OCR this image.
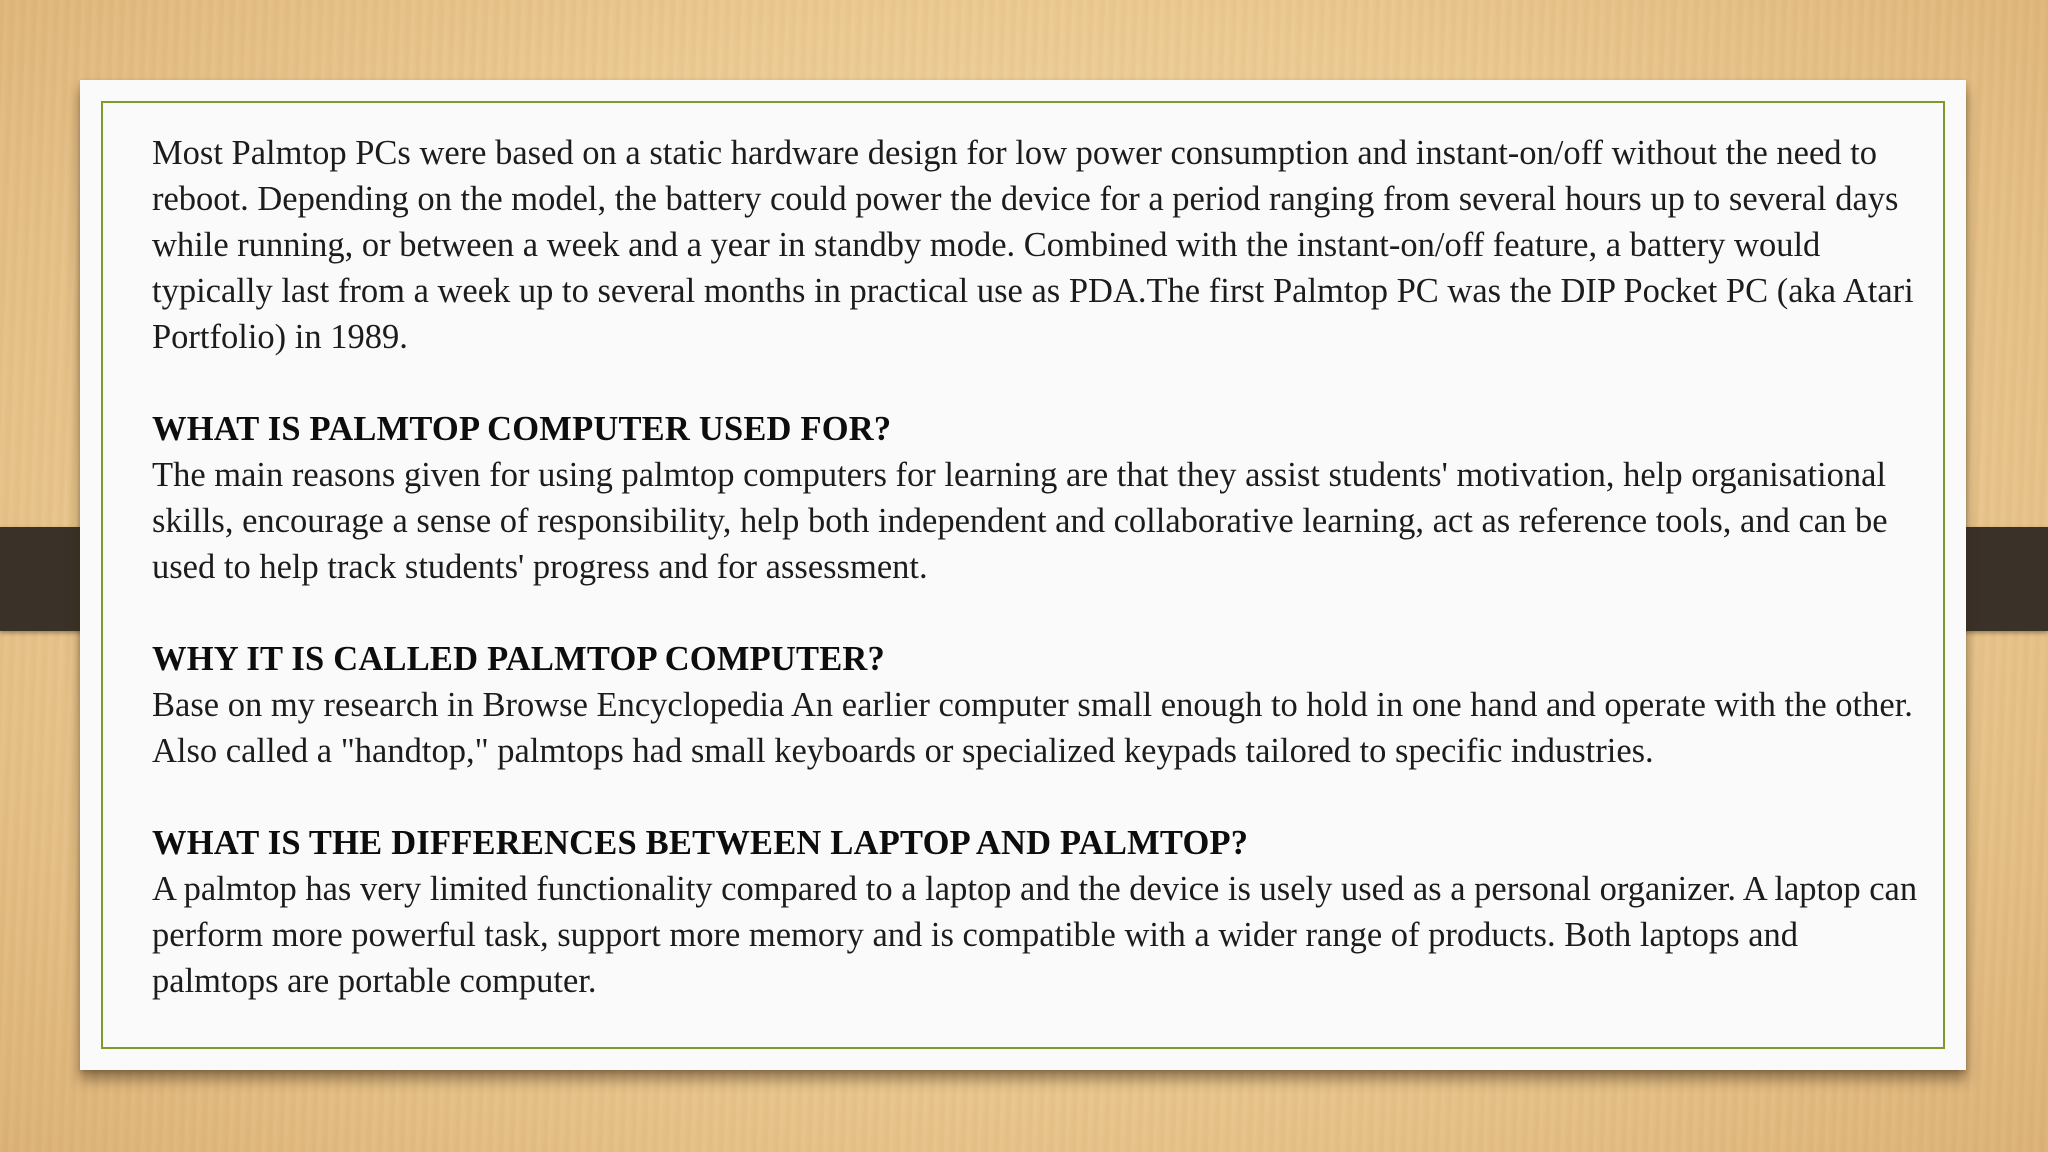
Most Palmtop PCs were based on a static hardware design for low power consumption and instant-on/off without the need to reboot. Depending on the model, the battery could power the device for a period ranging from several hours up to several days while running, or between a week and a year in standby mode. Combined with the instant-on/off feature, a battery would typically last from a week up to several months in practical use as PDA.The first Palmtop PC was the DIP Pocket PC (aka Atari Portfolio) in 1989.

WHAT IS PALMTOP COMPUTER USED FOR?

The main reasons given for using palmtop computers for learning are that they assist students' motivation, help organisational skills, encourage a sense of responsibility, help both independent and collaborative learning, act as reference tools, and can be used to help track students' progress and for assessment.

WHY IT IS CALLED PALMTOP COMPUTER?

Base on my research in Browse Encyclopedia An earlier computer small enough to hold in one hand and operate with the other. Also called a "handtop," palmtops had small keyboards or specialized keypads tailored to specific industries.

WHAT IS THE DIFFERENCES BETWEEN LAPTOP AND PALMTOP?

A palmtop has very limited functionality compared to a laptop and the device is usely used as a personal organizer. A laptop can perform more powerful task, support more memory and is compatible with a wider range of products. Both laptops and palmtops are portable computer.
